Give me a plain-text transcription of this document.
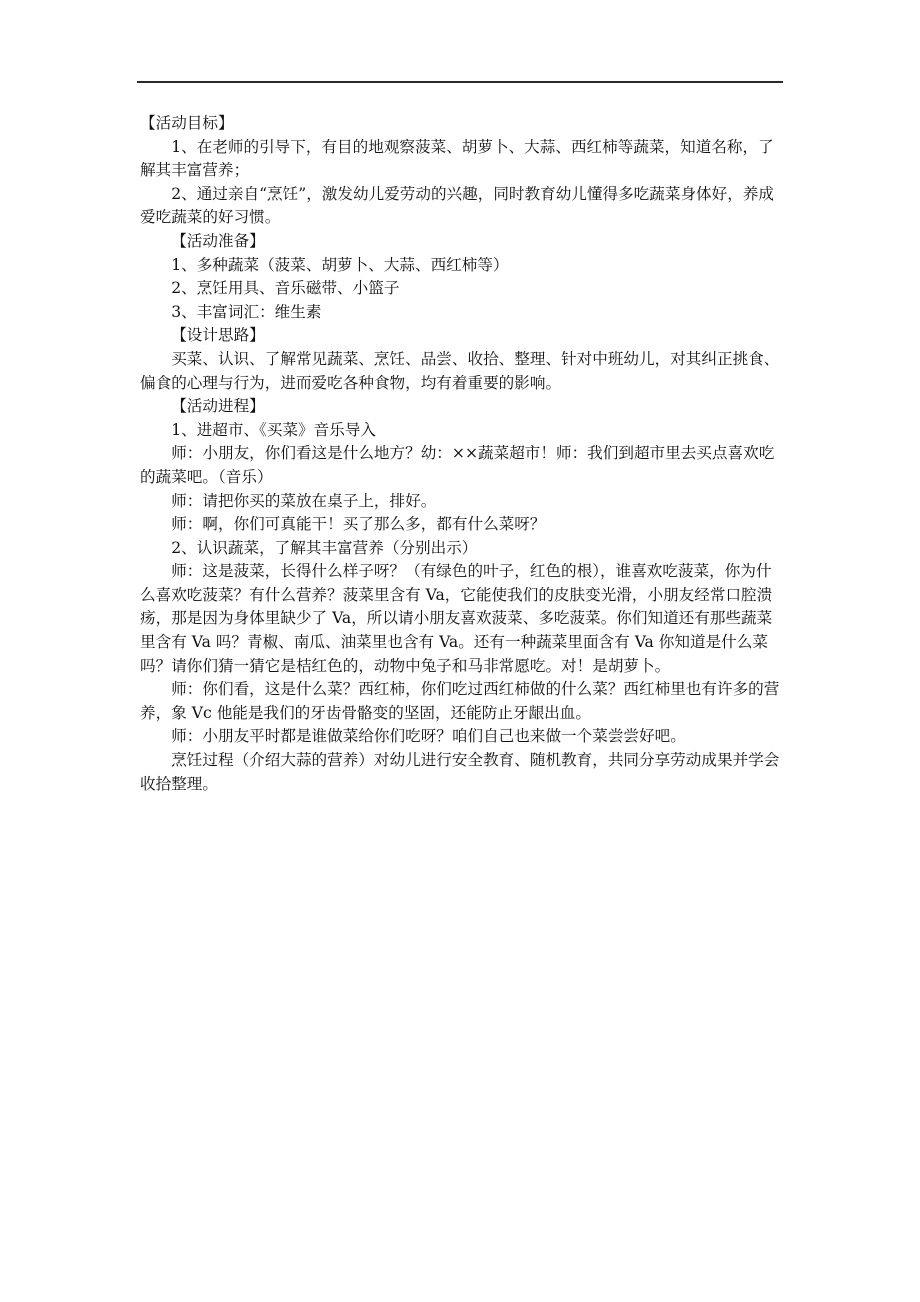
【活动目标】

1、在老师的引导下，有目的地观察菠菜、胡萝卜、大蒜、西红柿等蔬菜，知道名称，了解其丰富营养；

2、通过亲自“烹饪”，激发幼儿爱劳动的兴趣，同时教育幼儿懂得多吃蔬菜身体好，养成爱吃蔬菜的好习惯。

【活动准备】

1、多种蔬菜（菠菜、胡萝卜、大蒜、西红柿等）

2、烹饪用具、音乐磁带、小篮子

3、丰富词汇：维生素

【设计思路】

买菜、认识、了解常见蔬菜、烹饪、品尝、收拾、整理、针对中班幼儿，对其纠正挑食、偏食的心理与行为，进而爱吃各种食物，均有着重要的影响。

【活动进程】

1、进超市、《买菜》音乐导入

师：小朋友，你们看这是什么地方？幼：××蔬菜超市！师：我们到超市里去买点喜欢吃的蔬菜吧。（音乐）

师：请把你买的菜放在桌子上，排好。

师：啊，你们可真能干！买了那么多，都有什么菜呀？

2、认识蔬菜，了解其丰富营养（分别出示）

师：这是菠菜，长得什么样子呀？（有绿色的叶子，红色的根），谁喜欢吃菠菜，你为什么喜欢吃菠菜？有什么营养？菠菜里含有 Va，它能使我们的皮肤变光滑，小朋友经常口腔溃疡，那是因为身体里缺少了 Va，所以请小朋友喜欢菠菜、多吃菠菜。你们知道还有那些蔬菜里含有 Va 吗？青椒、南瓜、油菜里也含有 Va。还有一种蔬菜里面含有 Va 你知道是什么菜吗？请你们猜一猜它是桔红色的，动物中兔子和马非常愿吃。对！是胡萝卜。

师：你们看，这是什么菜？西红柿，你们吃过西红柿做的什么菜？西红柿里也有许多的营养，象 Vc 他能是我们的牙齿骨骼变的坚固，还能防止牙龈出血。

师：小朋友平时都是谁做菜给你们吃呀？咱们自己也来做一个菜尝尝好吧。

烹饪过程（介绍大蒜的营养）对幼儿进行安全教育、随机教育，共同分享劳动成果并学会收拾整理。
